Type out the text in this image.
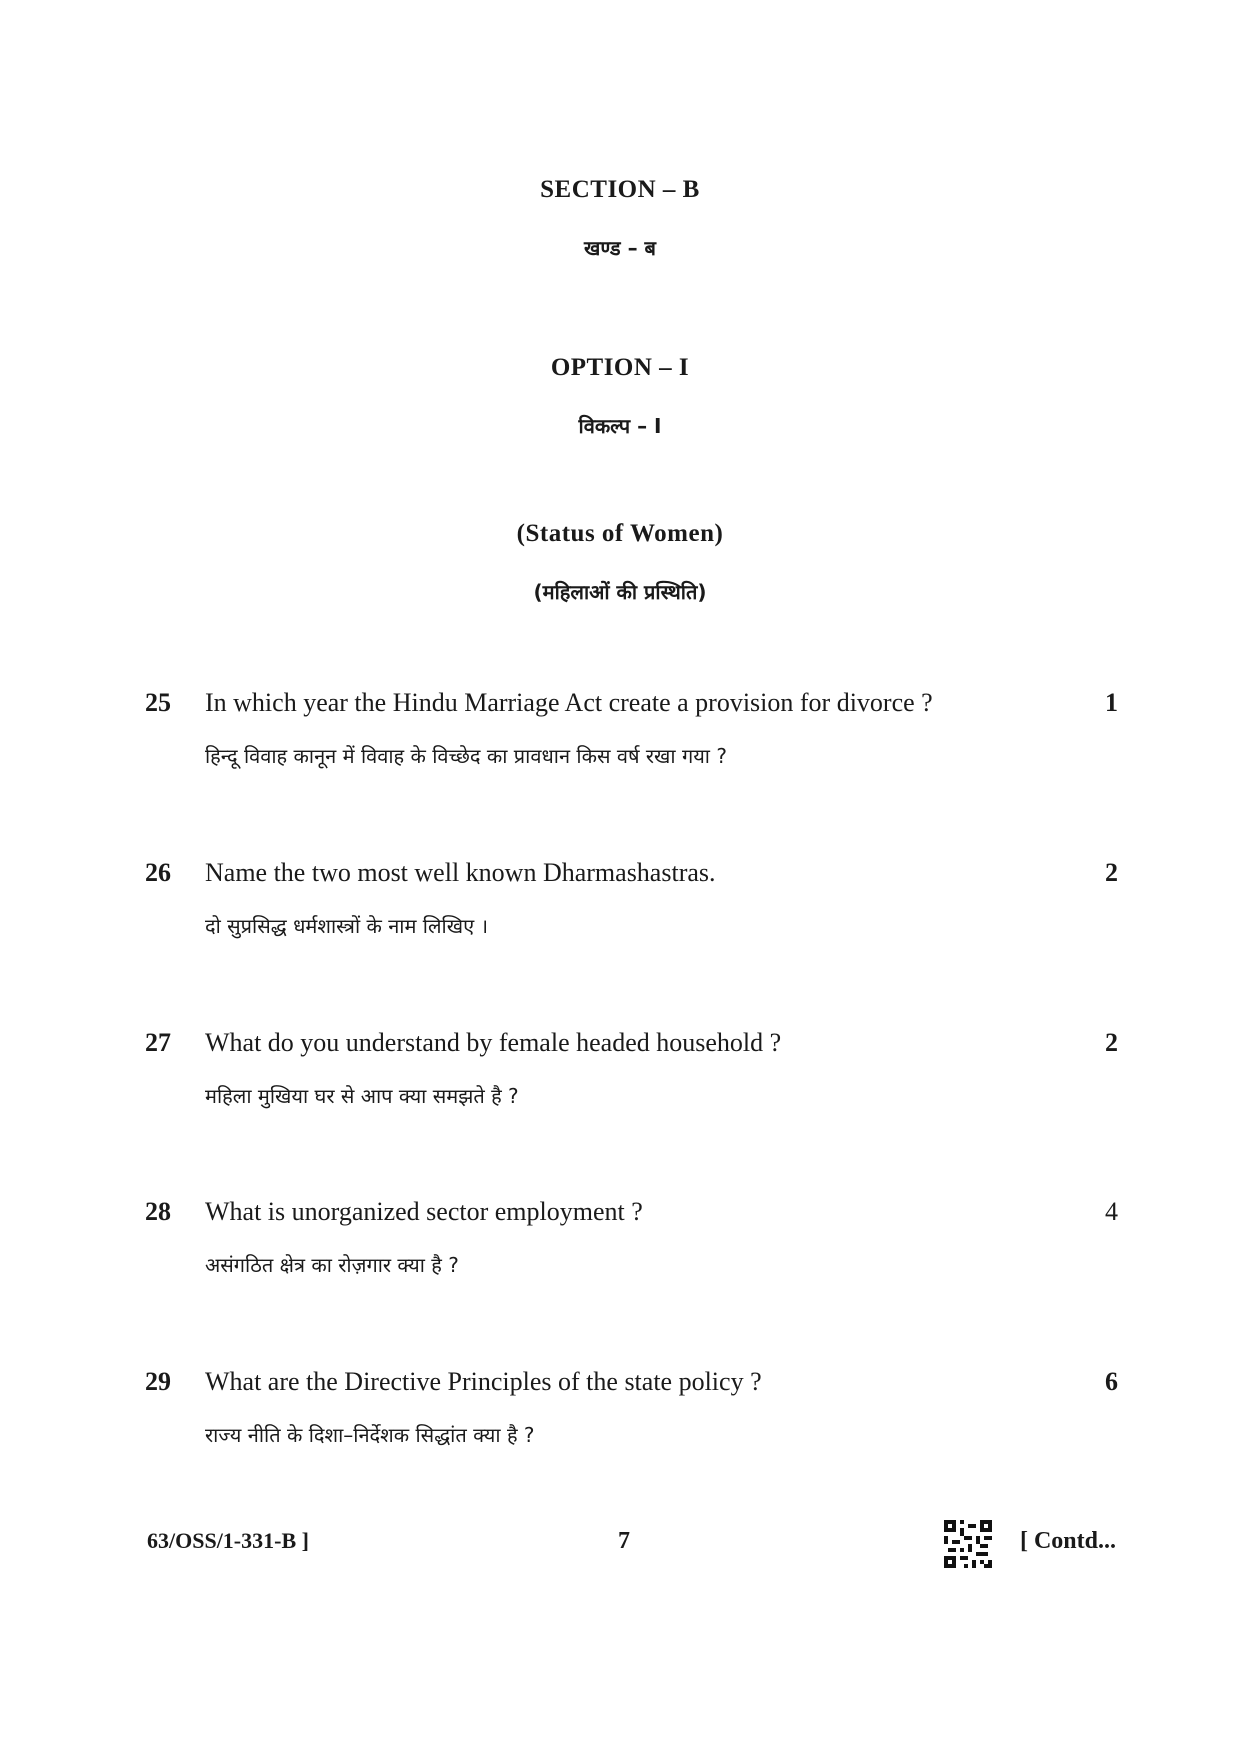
SECTION – B
खण्ड – ब
OPTION – I
विकल्प – I
(Status of Women)
(महिलाओं की प्रस्थिति)
25 In which year the Hindu Marriage Act create a provision for divorce ?	1
हिन्दू विवाह कानून में विवाह के विच्छेद का प्रावधान किस वर्ष रखा गया ?
26 Name the two most well known Dharmashastras.	2
दो सुप्रसिद्ध धर्मशास्त्रों के नाम लिखिए ।
27 What do you understand by female headed household ?	2
महिला मुखिया घर से आप क्या समझते है ?
28 What is unorganized sector employment ?	4
असंगठित क्षेत्र का रोज़गार क्या है ?
29 What are the Directive Principles of the state policy ?	6
राज्य नीति के दिशा–निर्देशक सिद्धांत क्या है ?
63/OSS/1-331-B ]	7	[ Contd...
